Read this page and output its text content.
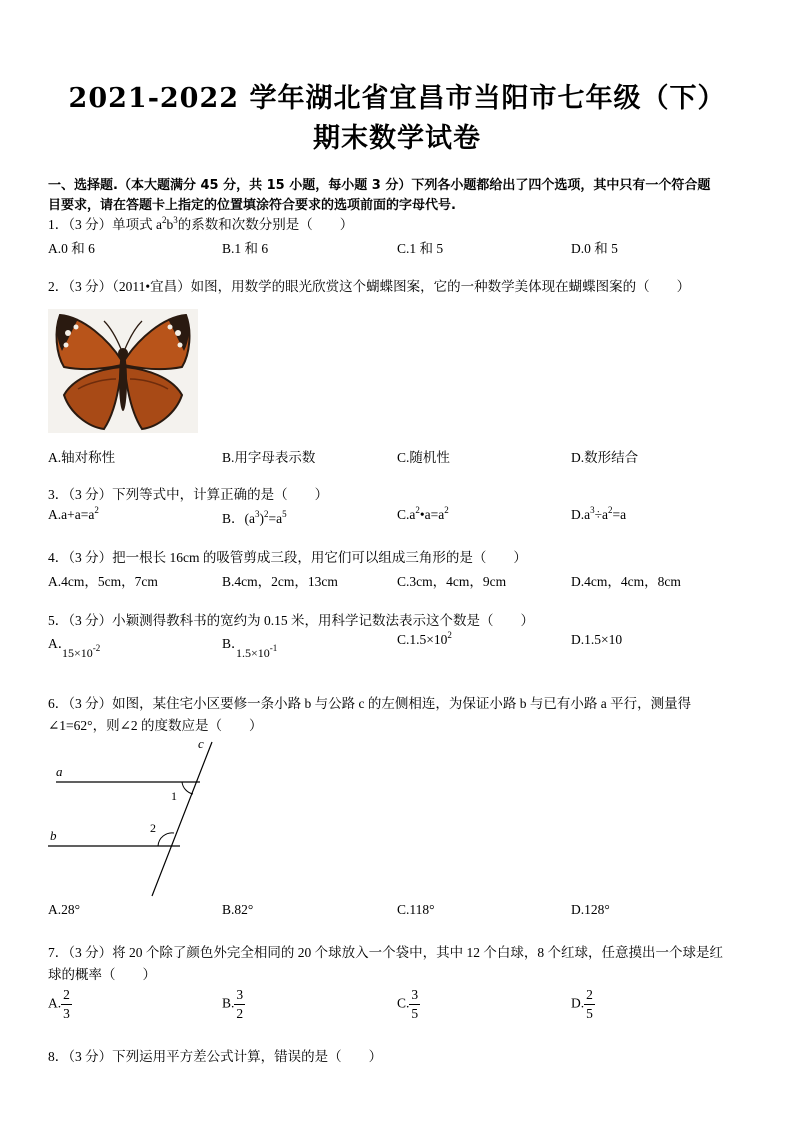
2021-2022 学年湖北省宜昌市当阳市七年级（下）
期末数学试卷
一、选择题.（本大题满分 45 分，共 15 小题，每小题 3 分）下列各小题都给出了四个选项，其中只有一个符合题
目要求，请在答题卡上指定的位置填涂符合要求的选项前面的字母代号.
1．（3 分）单项式 $a^2b^3$的系数和次数分别是（　　）
A.0 和 6	B.1 和 6	C.1 和 5	D.0 和 5
2．（3 分）（2011•宜昌）如图，用数学的眼光欣赏这个蝴蝶图案，它的一种数学美体现在蝴蝶图案的（　　）
A.轴对称性	B.用字母表示数	C.随机性	D.数形结合
3．（3 分）下列等式中，计算正确的是（　　）
$A.a+a=a^2$
B．$(a^3)^2=a^5$	$C.a^2•a=a^2$	$D.a^3\div a^2=a$
4．（3 分）把一根长 16cm 的吸管剪成三段，用它们可以组成三角形的是（　　）
A.4cm，5cm，7cm	B.4cm，2cm，13cm	C.3cm，4cm，9cm	D.4cm，4cm，8cm
5．（3 分）小颖测得教科书的宽约为 0.15 米，用科学记数法表示这个数是（　　）
A．
$15\times 10^{-2}$	B．
$1.5\times 10^{-1}$
$C.1.5\times 10^2$	D.1.5×10
6．（3 分）如图，某住宅小区要修一条小路 b 与公路 c 的左侧相连，为保证小路 b 与已有小路 a 平行，测量得
∠1=62°，则∠2 的度数应是（　　）
a
b
c
1
2
A.28°	B.82°	C.118°	D.128°
7．（3 分）将 20 个除了颜色外完全相同的 20 个球放入一个袋中，其中 12 个白球，8 个红球，任意摸出一个球是红
球的概率（　　）
A. $\frac{2}{3}$	B. $\frac{3}{2}$	C. $\frac{3}{5}$	D. $\frac{2}{5}$
8．（3 分）下列运用平方差公式计算，错误的是（　　）
